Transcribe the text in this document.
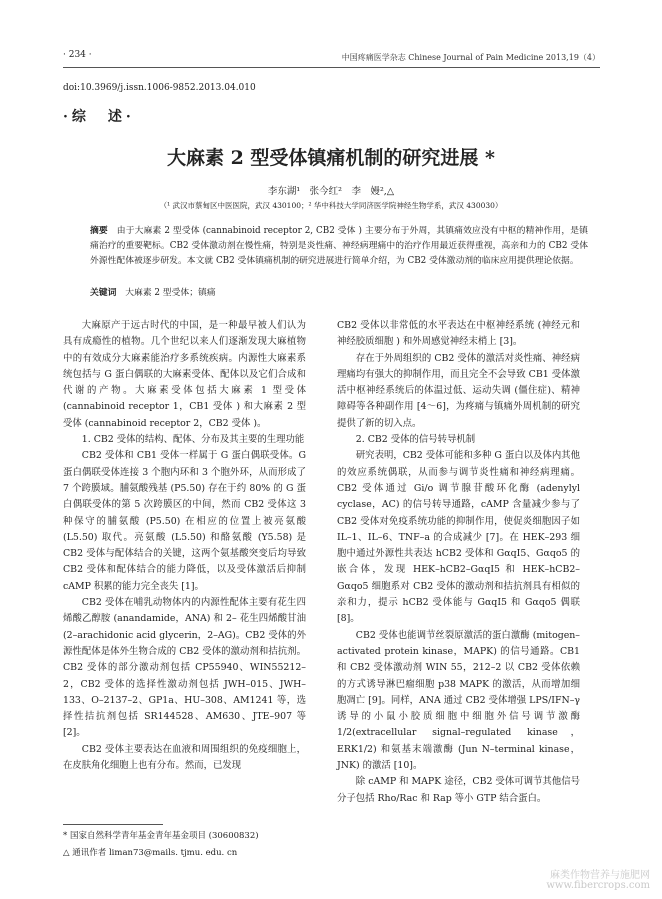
· 234 ·	中国疼痛医学杂志 Chinese Journal of Pain Medicine 2013,19（4）
doi:10.3969/j.issn.1006-9852.2013.04.010
·综　述·
大麻素 2 型受体镇痛机制的研究进展 *
李东湖¹　张今红²　李　嫚²,△
（¹ 武汉市蔡甸区中医医院，武汉 430100；² 华中科技大学同济医学院神经生物学系，武汉 430030）
摘要　 由于大麻素 2 型受体 (cannabinoid receptor 2, CB2 受体 ) 主要分布于外周，其镇痛效应没有中枢的精神作用，是镇痛治疗的重要靶标。CB2 受体激动剂在慢性痛，特别是炎性痛、神经病理痛中的治疗作用最近获得重视，高亲和力的 CB2 受体外源性配体被逐步研发。本文就 CB2 受体镇痛机制的研究进展进行简单介绍，为 CB2 受体激动剂的临床应用提供理论依据。
关键词　 大麻素 2 型受体；镇痛

大麻原产于远古时代的中国，是一种最早被人们认为具有成瘾性的植物。几个世纪以来人们逐渐发现大麻植物中的有效成分大麻素能治疗多系统疾病。内源性大麻素系统包括与 G 蛋白偶联的大麻素受体、配体以及它们合成和代谢的产物。大麻素受体包括大麻素 1 型受体 (cannabinoid receptor 1，CB1 受体 ) 和大麻素 2 型受体 (cannabinoid receptor 2，CB2 受体 )。

1. CB2 受体的结构、配体、分布及其主要的生理功能

CB2 受体和 CB1 受体一样属于 G 蛋白偶联受体。G 蛋白偶联受体连接 3 个胞内环和 3 个胞外环，从而形成了 7 个跨膜域。脯氨酸残基 (P5.50) 存在于约 80% 的 G 蛋白偶联受体的第 5 次跨膜区的中间，然而 CB2 受体这 3 种保守的脯氨酸 (P5.50) 在相应的位置上被亮氨酸 (L5.50) 取代。亮氨酸 (L5.50) 和酪氨酸 (Y5.58) 是 CB2 受体与配体结合的关键，这两个氨基酸突变后均导致 CB2 受体和配体结合的能力降低，以及受体激活后抑制 cAMP 积累的能力完全丧失 [1]。

CB2 受体在哺乳动物体内的内源性配体主要有花生四烯酸乙醇胺 (anandamide，ANA) 和 2– 花生四烯酸甘油 (2–arachidonic acid glycerin，2–AG)。CB2 受体的外源性配体是体外生物合成的 CB2 受体的激动剂和拮抗剂。CB2 受体的部分激动剂包括 CP55940、WIN55212–2，CB2 受体的选择性激动剂包括 JWH–015、JWH–133、O–2137–2、GP1a、HU–308、AM1241 等，选择性拮抗剂包括 SR144528、AM630、JTE–907 等 [2]。

CB2 受体主要表达在血液和周围组织的免疫细胞上，在皮肤角化细胞上也有分布。然而，已发现

CB2 受体以非常低的水平表达在中枢神经系统 (神经元和神经胶质细胞 ) 和外周感觉神经末梢上 [3]。

存在于外周组织的 CB2 受体的激活对炎性痛、神经病理痛均有强大的抑制作用，而且完全不会导致 CB1 受体激活中枢神经系统后的体温过低、运动失调 (僵住症)、精神障碍等各种副作用 [4～6]，为疼痛与镇痛外周机制的研究提供了新的切入点。

2. CB2 受体的信号转导机制

研究表明，CB2 受体可能和多种 G 蛋白以及体内其他的效应系统偶联，从而参与调节炎性痛和神经病理痛。CB2 受体通过 Gi/o 调节腺苷酸环化酶 (adenylyl cyclase，AC) 的信号转导通路，cAMP 含量减少参与了 CB2 受体对免疫系统功能的抑制作用，使促炎细胞因子如 IL–1、IL–6、TNF–a 的合成减少 [7]。在 HEK–293 细胞中通过外源性共表达 hCB2 受体和 GαqI5、Gαqo5 的嵌合体，发现 HEK–hCB2–GαqI5 和 HEK–hCB2–Gαqo5 细胞系对 CB2 受体的激动剂和拮抗剂具有相似的亲和力，提示 hCB2 受体能与 GαqI5 和 Gαqo5 偶联 [8]。

CB2 受体也能调节丝裂原激活的蛋白激酶 (mitogen–activated protein kinase，MAPK) 的信号通路。CB1 和 CB2 受体激动剂 WIN 55，212–2 以 CB2 受体依赖的方式诱导淋巴瘤细胞 p38 MAPK 的激活，从而增加细胞凋亡 [9]。同样，ANA 通过 CB2 受体增强 LPS/IFN–γ 诱导的小鼠小胶质细胞中细胞外信号调节激酶 1/2(extracellular signal–regulated kinase，ERK1/2) 和氨基末端激酶 (Jun N–terminal kinase，JNK) 的激活 [10]。

除 cAMP 和 MAPK 途径，CB2 受体可调节其他信号分子包括 Rho/Rac 和 Rap 等小 GTP 结合蛋白。

* 国家自然科学青年基金青年基金项目 (30600832)
△ 通讯作者 liman73@mails. tjmu. edu. cn
麻类作物营养与施肥网
www.fibercrops.com
